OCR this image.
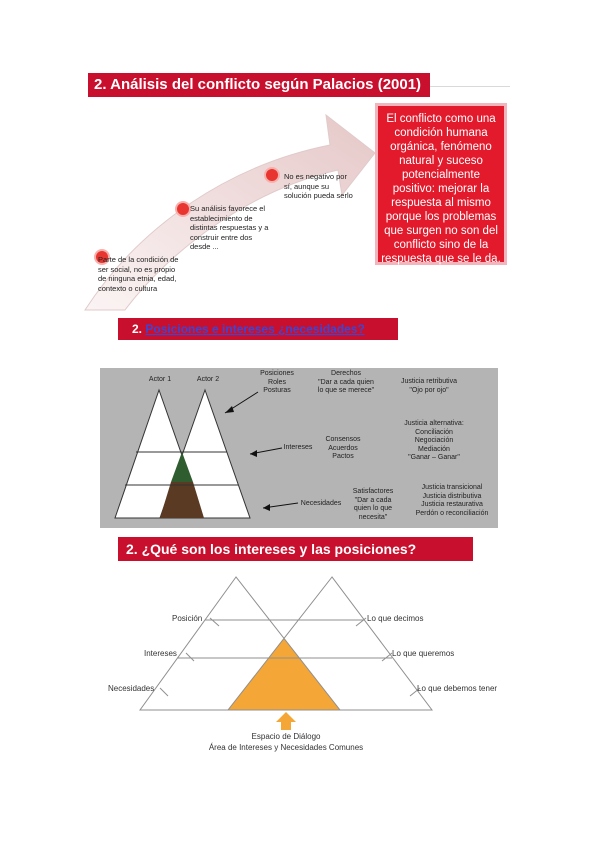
2. Análisis del conflicto según Palacios (2001)
Parte de la condición de ser social, no es propio de ninguna etnia, edad, contexto o cultura
Su análisis favorece el establecimiento de distintas respuestas y a construir entre dos desde ...
No es negativo por sí, aunque su solución pueda serlo
El conflicto como una condición humana orgánica, fenómeno natural y suceso potencialmente positivo: mejorar la respuesta al mismo porque los problemas que surgen no son del conflicto sino de la respuesta que se le da.
2. Posiciones e intereses ¿necesidades?
Actor 1	Actor 2
Posiciones
Roles
Posturas
Intereses
Necesidades
Derechos
"Dar a cada quien
lo que se merece"
Consensos
Acuerdos
Pactos
Satisfactores
"Dar a cada
quien lo que
necesita"
Justicia retributiva
"Ojo por ojo"
Justicia alternativa:
Conciliación
Negociación
Mediación
"Ganar – Ganar"
Justicia transicional
Justicia distributiva
Justicia restaurativa
Perdón o reconciliación
2. ¿Qué son los intereses y las posiciones?
Posición
Intereses
Necesidades
Lo que decimos
Lo que queremos
Lo que debemos tener
Espacio de Diálogo
Área de Intereses y Necesidades Comunes
